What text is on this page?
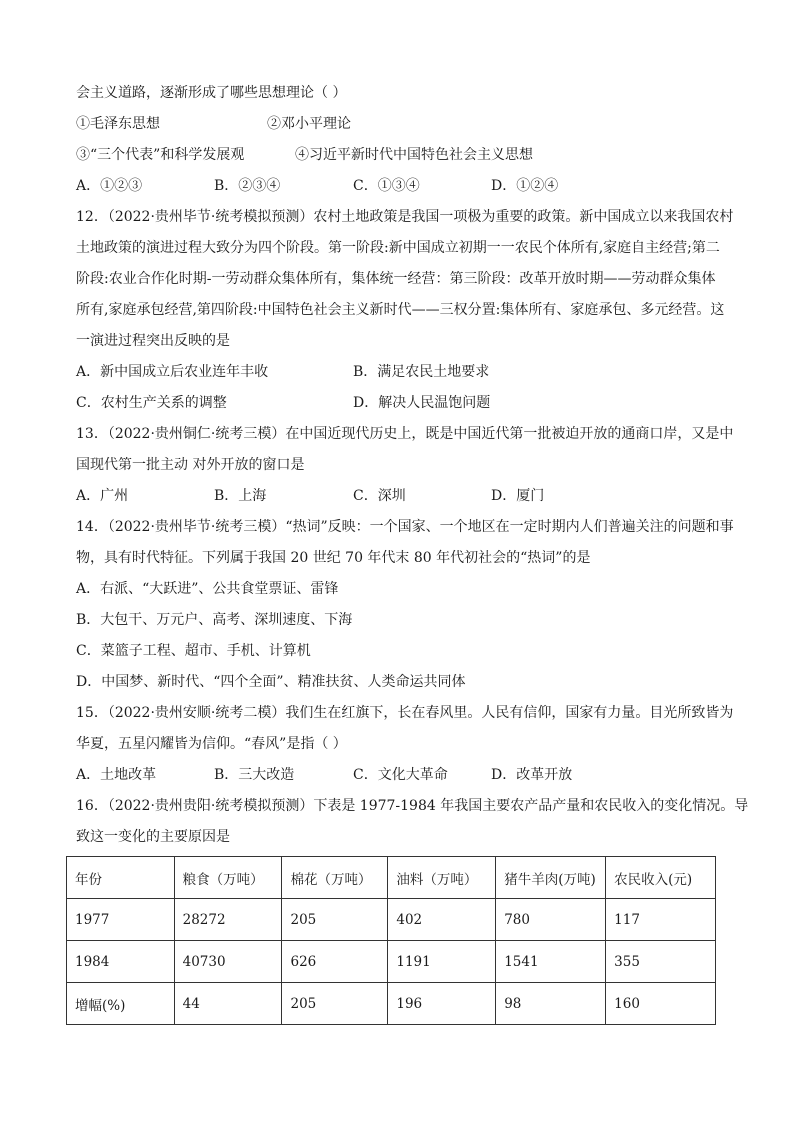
会主义道路，逐渐形成了哪些思想理论（ ）
①毛泽东思想	②邓小平理论
③“三个代表”和科学发展观	④习近平新时代中国特色社会主义思想
A．①②③	B．②③④	C．①③④	D．①②④
12．（2022·贵州毕节·统考模拟预测）农村土地政策是我国一项极为重要的政策。新中国成立以来我国农村
土地政策的演进过程大致分为四个阶段。第一阶段:新中国成立初期一一农民个体所有,家庭自主经营;第二
阶段:农业合作化时期-一劳动群众集体所有，集体统一经营：第三阶段：改革开放时期——劳动群众集体
所有,家庭承包经营,第四阶段:中国特色社会主义新时代——三权分置:集体所有、家庭承包、多元经营。这
一演进过程突出反映的是
A．新中国成立后农业连年丰收	B．满足农民土地要求
C．农村生产关系的调整	D．解决人民温饱问题
13．（2022·贵州铜仁·统考三模）在中国近现代历史上，既是中国近代第一批被迫开放的通商口岸，又是中
国现代第一批主动 对外开放的窗口是
A．广州	B．上海	C．深圳	D．厦门
14．（2022·贵州毕节·统考三模）“热词”反映：一个国家、一个地区在一定时期内人们普遍关注的问题和事
物，具有时代特征。下列属于我国 20 世纪 70 年代末 80 年代初社会的“热词”的是
A．右派、“大跃进”、公共食堂票证、雷锋
B．大包干、万元户、高考、深圳速度、下海
C．菜篮子工程、超市、手机、计算机
D．中国梦、新时代、“四个全面”、精准扶贫、人类命运共同体
15．（2022·贵州安顺·统考二模）我们生在红旗下，长在春风里。人民有信仰，国家有力量。目光所致皆为
华夏，五星闪耀皆为信仰。“春风”是指（ ）
A．土地改革	B．三大改造	C．文化大革命	D．改革开放
16．（2022·贵州贵阳·统考模拟预测）下表是 1977-1984 年我国主要农产品产量和农民收入的变化情况。导
致这一变化的主要原因是
年份	粮食（万吨）	棉花（万吨）	油料（万吨）	猪牛羊肉(万吨)	农民收入(元)
1977	28272	205	402	780	117
1984	40730	626	1191	1541	355
增幅(%)	44	205	196	98	160
